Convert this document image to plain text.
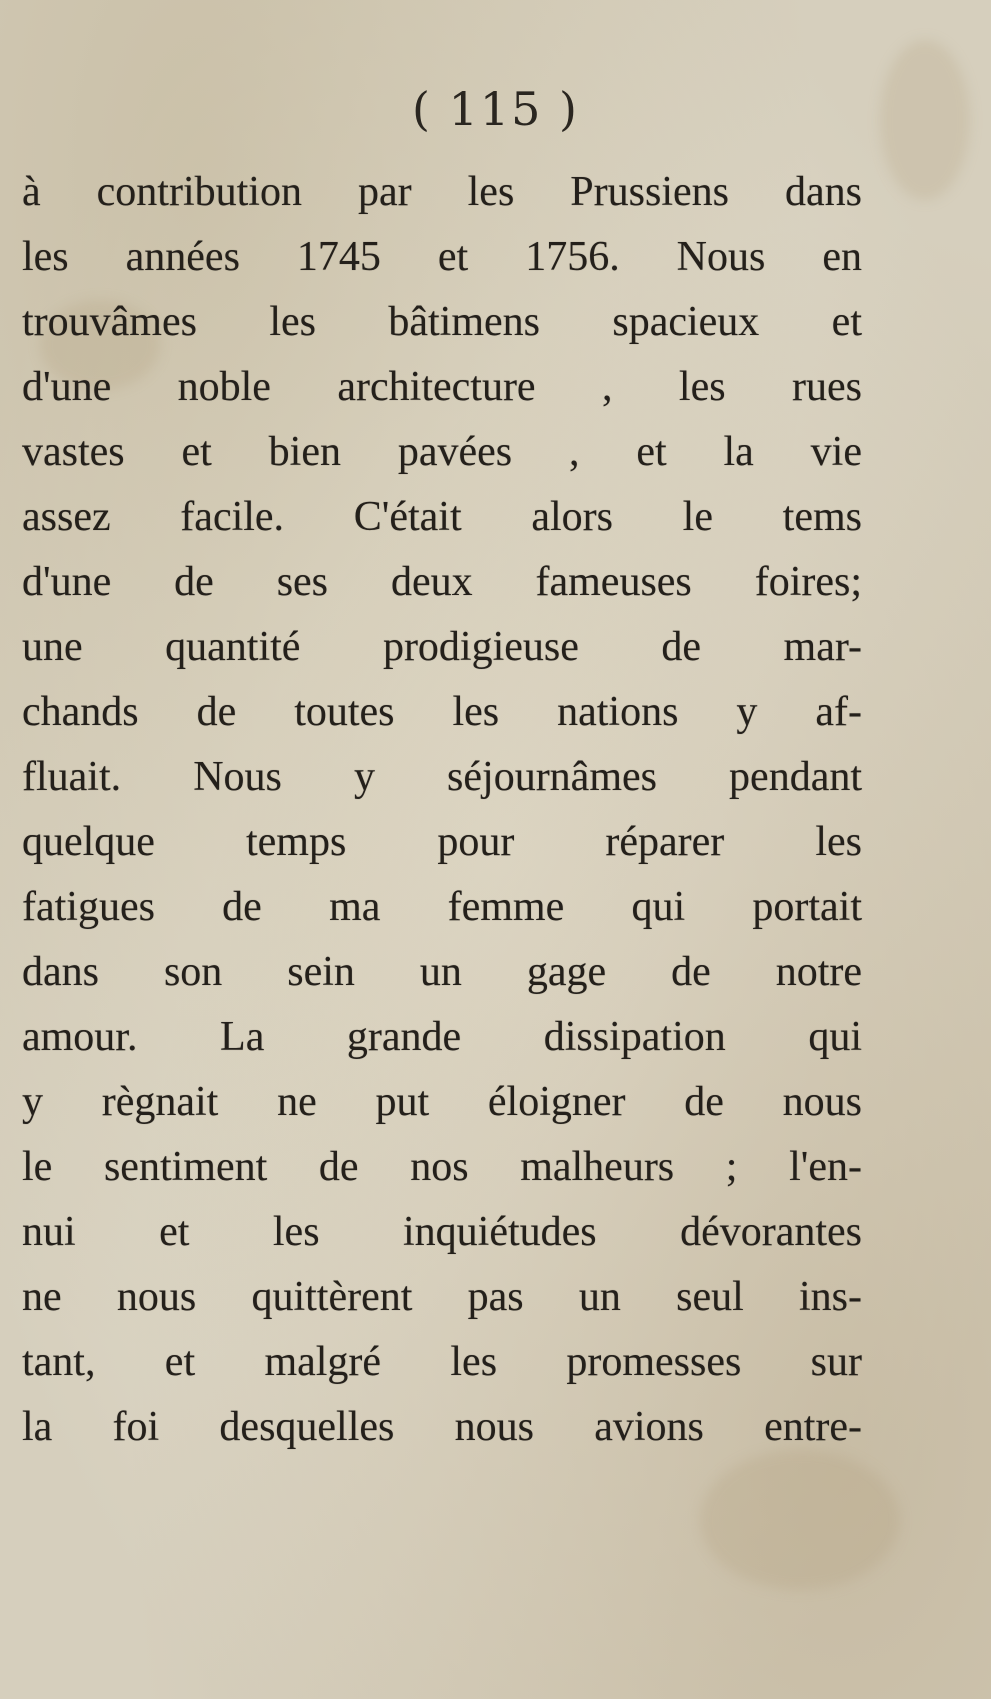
( 115 )
à contribution par les Prussiens dans
les années 1745 et 1756. Nous en
trouvâmes les bâtimens spacieux et
d'une noble architecture , les rues
vastes et bien pavées , et la vie
assez facile. C'était alors le tems
d'une de ses deux fameuses foires;
une quantité prodigieuse de mar-
chands de toutes les nations y af-
fluait. Nous y séjournâmes pendant
quelque temps pour réparer les
fatigues de ma femme qui portait
dans son sein un gage de notre
amour. La grande dissipation qui
y règnait ne put éloigner de nous
le sentiment de nos malheurs ; l'en-
nui et les inquiétudes dévorantes
ne nous quittèrent pas un seul ins-
tant, et malgré les promesses sur
la foi desquelles nous avions entre-
